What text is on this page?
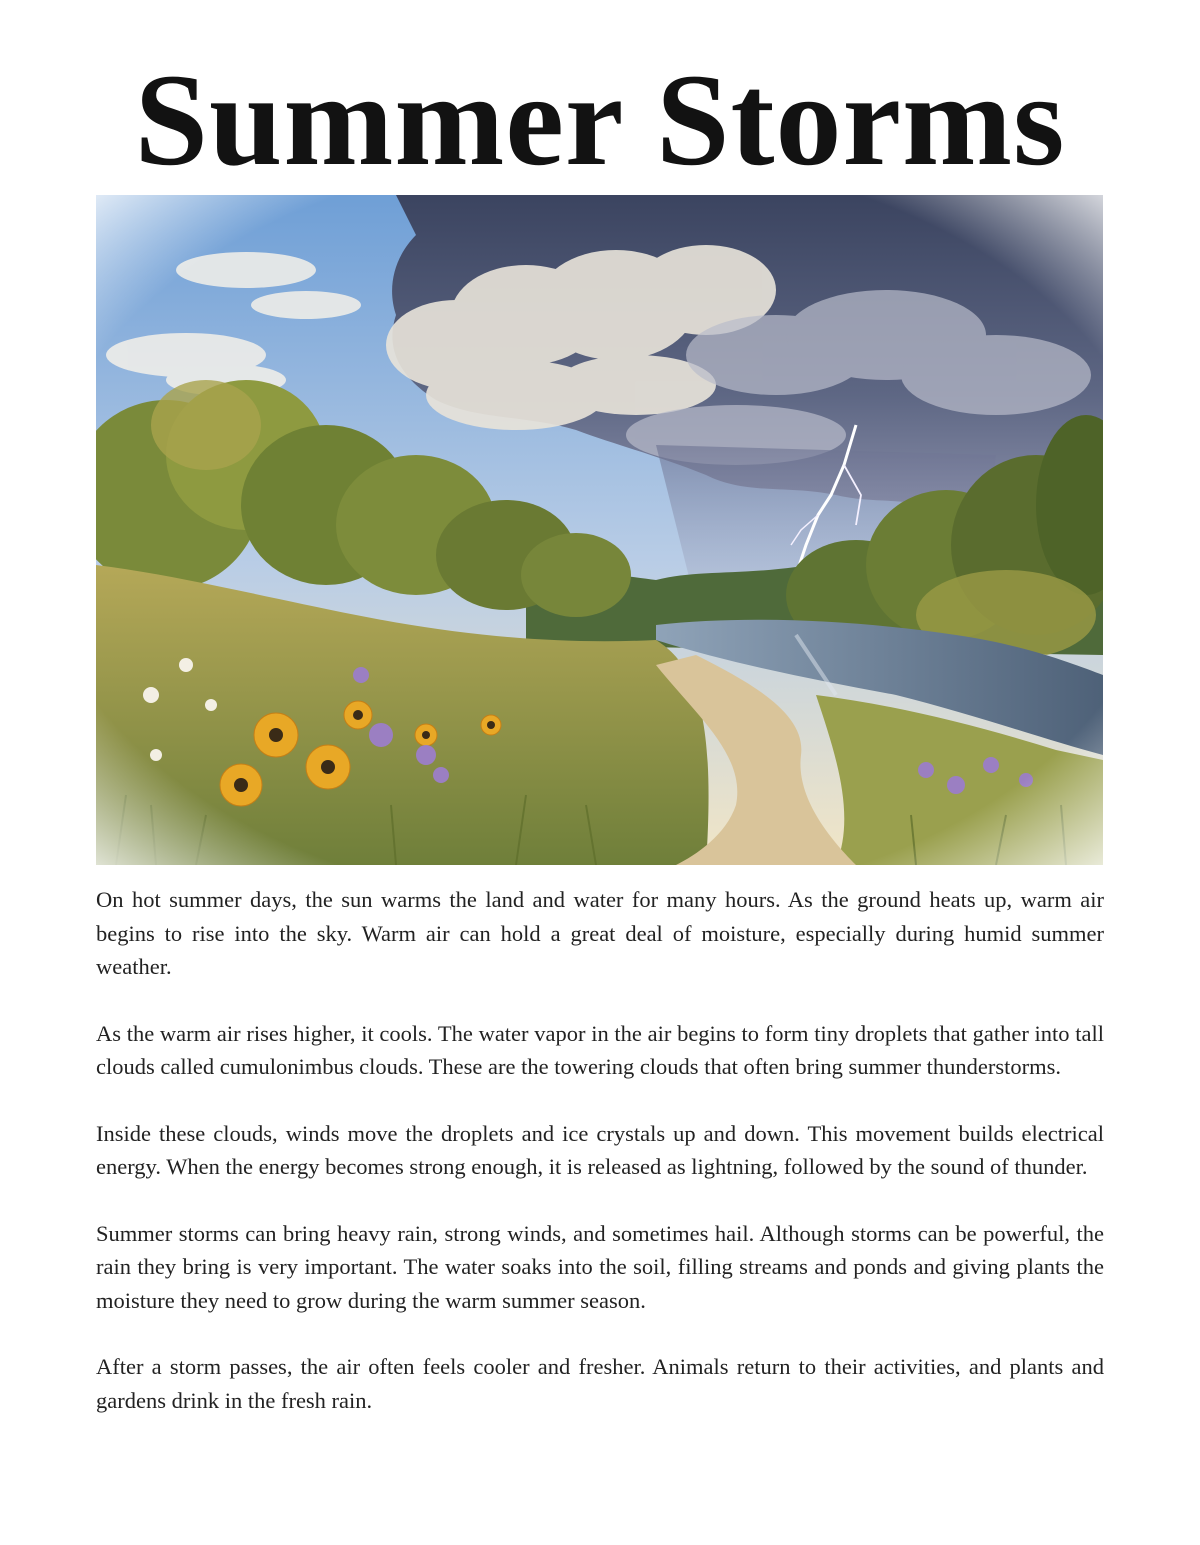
Summer Storms

On hot summer days, the sun warms the land and water for many hours. As the ground heats up, warm air begins to rise into the sky. Warm air can hold a great deal of moisture, especially during humid summer weather.

As the warm air rises higher, it cools. The water vapor in the air begins to form tiny droplets that gather into tall clouds called cumulonimbus clouds. These are the towering clouds that often bring summer thunderstorms.

Inside these clouds, winds move the droplets and ice crystals up and down. This movement builds electrical energy. When the energy becomes strong enough, it is released as lightning, followed by the sound of thunder.

Summer storms can bring heavy rain, strong winds, and sometimes hail. Although storms can be powerful, the rain they bring is very important. The water soaks into the soil, filling streams and ponds and giving plants the moisture they need to grow during the warm summer season.

After a storm passes, the air often feels cooler and fresher. Animals return to their activities, and plants and gardens drink in the fresh rain.
